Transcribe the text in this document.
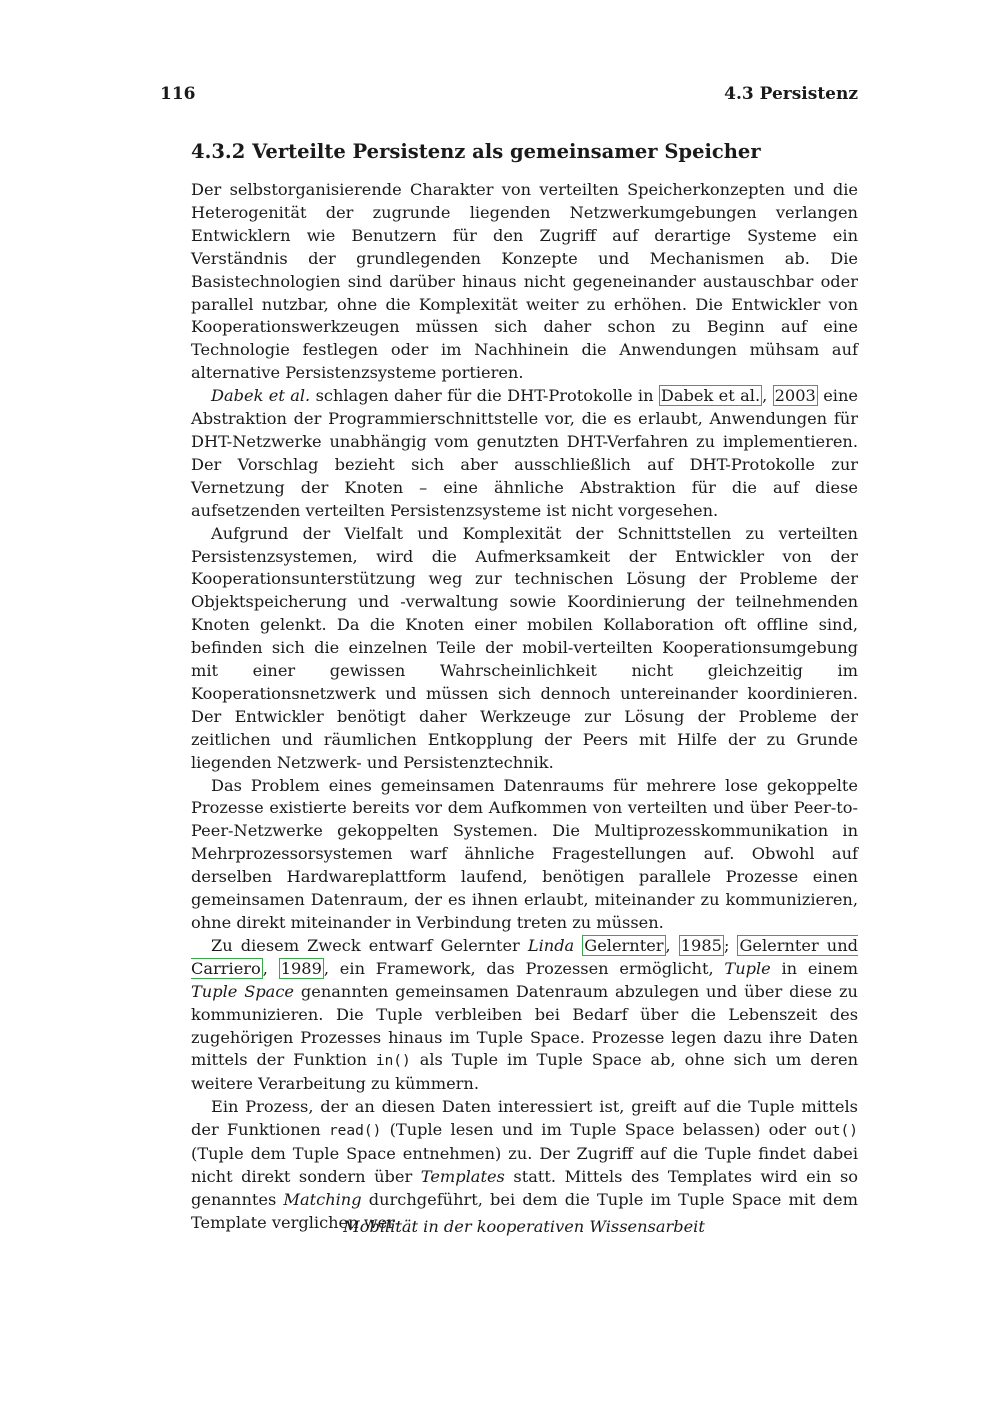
116	4.3 Persistenz
4.3.2 Verteilte Persistenz als gemeinsamer Speicher

Der selbstorganisierende Charakter von verteilten Speicherkonzepten und die Heterogenität der zugrunde liegenden Netzwerkumgebungen verlangen Entwicklern wie Benutzern für den Zugriff auf derartige Systeme ein Verständnis der grundlegenden Konzepte und Mechanismen ab. Die Basistechnologien sind darüber hinaus nicht gegeneinander austauschbar oder parallel nutzbar, ohne die Komplexität weiter zu erhöhen. Die Entwickler von Kooperationswerkzeugen müssen sich daher schon zu Beginn auf eine Technologie festlegen oder im Nachhinein die Anwendungen mühsam auf alternative Persistenzsysteme portieren.

Dabek et al. schlagen daher für die DHT-Protokolle in Dabek et al. , 2003 eine Abstraktion der Programmierschnittstelle vor, die es erlaubt, Anwendungen für DHT-Netzwerke unabhängig vom genutzten DHT-Verfahren zu implementieren. Der Vorschlag bezieht sich aber ausschließlich auf DHT-Protokolle zur Vernetzung der Knoten – eine ähnliche Abstraktion für die auf diese aufsetzenden verteilten Persistenzsysteme ist nicht vorgesehen.

Aufgrund der Vielfalt und Komplexität der Schnittstellen zu verteilten Persistenzsystemen, wird die Aufmerksamkeit der Entwickler von der Kooperationsunterstützung weg zur technischen Lösung der Probleme der Objektspeicherung und -verwaltung sowie Koordinierung der teilnehmenden Knoten gelenkt. Da die Knoten einer mobilen Kollaboration oft offline sind, befinden sich die einzelnen Teile der mobil-verteilten Kooperationsumgebung mit einer gewissen Wahrscheinlichkeit nicht gleichzeitig im Kooperationsnetzwerk und müssen sich dennoch untereinander koordinieren. Der Entwickler benötigt daher Werkzeuge zur Lösung der Probleme der zeitlichen und räumlichen Entkopplung der Peers mit Hilfe der zu Grunde liegenden Netzwerk- und Persistenztechnik.

Das Problem eines gemeinsamen Datenraums für mehrere lose gekoppelte Prozesse existierte bereits vor dem Aufkommen von verteilten und über Peer-to-Peer-Netzwerke gekoppelten Systemen. Die Multiprozesskommunikation in Mehrprozessorsystemen warf ähnliche Fragestellungen auf. Obwohl auf derselben Hardwareplattform laufend, benötigen parallele Prozesse einen gemeinsamen Datenraum, der es ihnen erlaubt, miteinander zu kommunizieren, ohne direkt miteinander in Verbindung treten zu müssen.

Zu diesem Zweck entwarf Gelernter Linda Gelernter , 1985 ; Gelernter und Carriero , 1989 , ein Framework, das Prozessen ermöglicht, Tuple in einem Tuple Space genannten gemeinsamen Datenraum abzulegen und über diese zu kommunizieren. Die Tuple verbleiben bei Bedarf über die Lebenszeit des zugehörigen Prozesses hinaus im Tuple Space. Prozesse legen dazu ihre Daten mittels der Funktion in() als Tuple im Tuple Space ab, ohne sich um deren weitere Verarbeitung zu kümmern.

Ein Prozess, der an diesen Daten interessiert ist, greift auf die Tuple mittels der Funktionen read() (Tuple lesen und im Tuple Space belassen) oder out() (Tuple dem Tuple Space entnehmen) zu. Der Zugriff auf die Tuple findet dabei nicht direkt sondern über Templates statt. Mittels des Templates wird ein so genanntes Matching durchgeführt, bei dem die Tuple im Tuple Space mit dem Template verglichen wer-

Mobilität in der kooperativen Wissensarbeit
